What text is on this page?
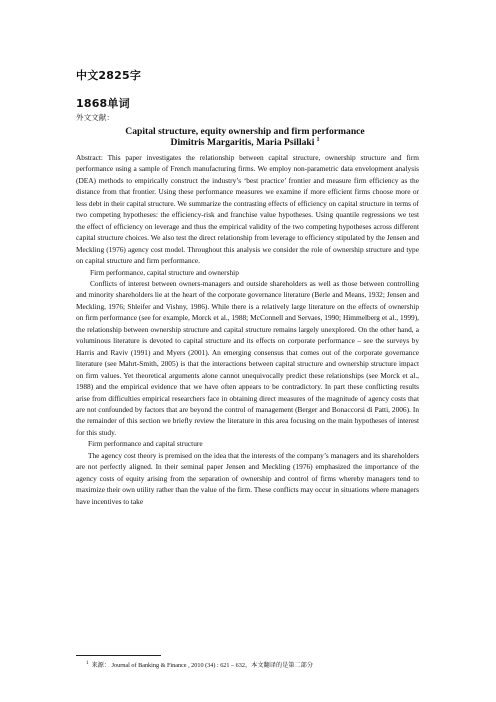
中文2825字
1868单词
外文文献：
Capital structure, equity ownership and firm performance
Dimitris Margaritis, Maria Psillaki $^1$

Abstract: This paper investigates the relationship between capital structure, ownership structure and firm performance using a sample of French manufacturing firms. We employ non-parametric data envelopment analysis (DEA) methods to empirically construct the industry’s ‘best practice’ frontier and measure firm efficiency as the distance from that frontier. Using these performance measures we examine if more efficient firms choose more or less debt in their capital structure. We summarize the contrasting effects of efficiency on capital structure in terms of two competing hypotheses: the efficiency-risk and franchise value hypotheses. Using quantile regressions we test the effect of efficiency on leverage and thus the empirical validity of the two competing hypotheses across different capital structure choices. We also test the direct relationship from leverage to efficiency stipulated by the Jensen and Meckling (1976) agency cost model. Throughout this analysis we consider the role of ownership structure and type on capital structure and firm performance.

Firm performance, capital structure and ownership

Conflicts of interest between owners-managers and outside shareholders as well as those between controlling and minority shareholders lie at the heart of the corporate governance literature (Berle and Means, 1932; Jensen and Meckling, 1976; Shleifer and Vishny, 1986). While there is a relatively large literature on the effects of ownership on firm performance (see for example, Morck et al., 1988; McConnell and Servaes, 1990; Himmelberg et al., 1999), the relationship between ownership structure and capital structure remains largely unexplored. On the other hand, a voluminous literature is devoted to capital structure and its effects on corporate performance – see the surveys by Harris and Raviv (1991) and Myers (2001). An emerging consensus that comes out of the corporate governance literature (see Mahrt-Smith, 2005) is that the interactions between capital structure and ownership structure impact on firm values. Yet theoretical arguments alone cannot unequivocally predict these relationships (see Morck et al., 1988) and the empirical evidence that we have often appears to be contradictory. In part these conflicting results arise from difficulties empirical researchers face in obtaining direct measures of the magnitude of agency costs that are not confounded by factors that are beyond the control of management (Berger and Bonaccorsi di Patti, 2006). In the remainder of this section we briefly review the literature in this area focusing on the main hypotheses of interest for this study.

Firm performance and capital structure

The agency cost theory is premised on the idea that the interests of the company’s managers and its shareholders are not perfectly aligned. In their seminal paper Jensen and Meckling (1976) emphasized the importance of the agency costs of equity arising from the separation of ownership and control of firms whereby managers tend to maximize their own utility rather than the value of the firm. These conflicts may occur in situations where managers have incentives to take

$^1$ 来源： Journal of Banking & Finance , 2010 (34) : 621 – 632，本文翻译的是第二部分
